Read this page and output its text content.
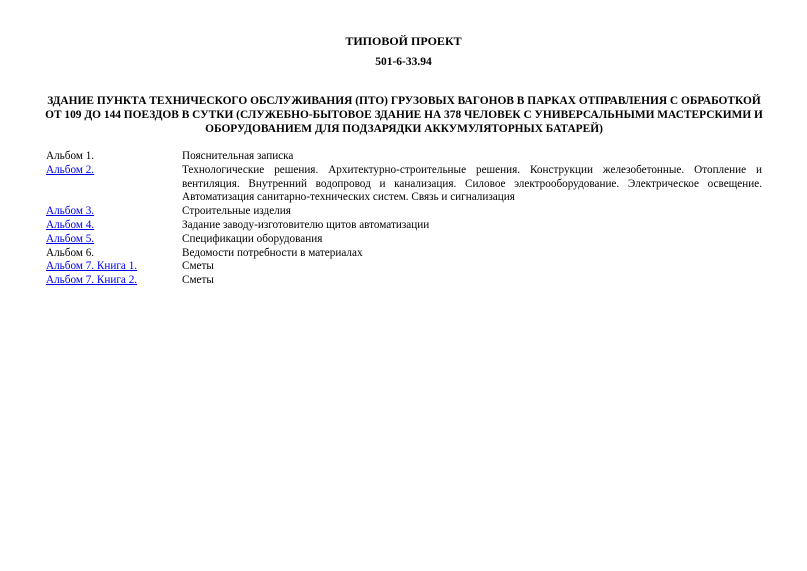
ТИПОВОЙ ПРОЕКТ
501-6-33.94
ЗДАНИЕ ПУНКТА ТЕХНИЧЕСКОГО ОБСЛУЖИВАНИЯ (ПТО) ГРУЗОВЫХ ВАГОНОВ В ПАРКАХ ОТПРАВЛЕНИЯ С ОБРАБОТКОЙ ОТ 109 ДО 144 ПОЕЗДОВ В СУТКИ (СЛУЖЕБНО-БЫТОВОЕ ЗДАНИЕ НА 378 ЧЕЛОВЕК С УНИВЕРСАЛЬНЫМИ МАСТЕРСКИМИ И ОБОРУДОВАНИЕМ ДЛЯ ПОДЗАРЯДКИ АККУМУЛЯТОРНЫХ БАТАРЕЙ)
Альбом 1.	Пояснительная записка
Альбом 2.	Технологические решения. Архитектурно-строительные решения. Конструкции железобетонные. Отопление и вентиляция. Внутренний водопровод и канализация. Силовое электрооборудование. Электрическое освещение. Автоматизация санитарно-технических систем. Связь и сигнализация
Альбом 3.	Строительные изделия
Альбом 4.	Задание заводу-изготовителю щитов автоматизации
Альбом 5.	Спецификации оборудования
Альбом 6.	Ведомости потребности в материалах
Альбом 7. Книга 1.	Сметы
Альбом 7. Книга 2.	Сметы
